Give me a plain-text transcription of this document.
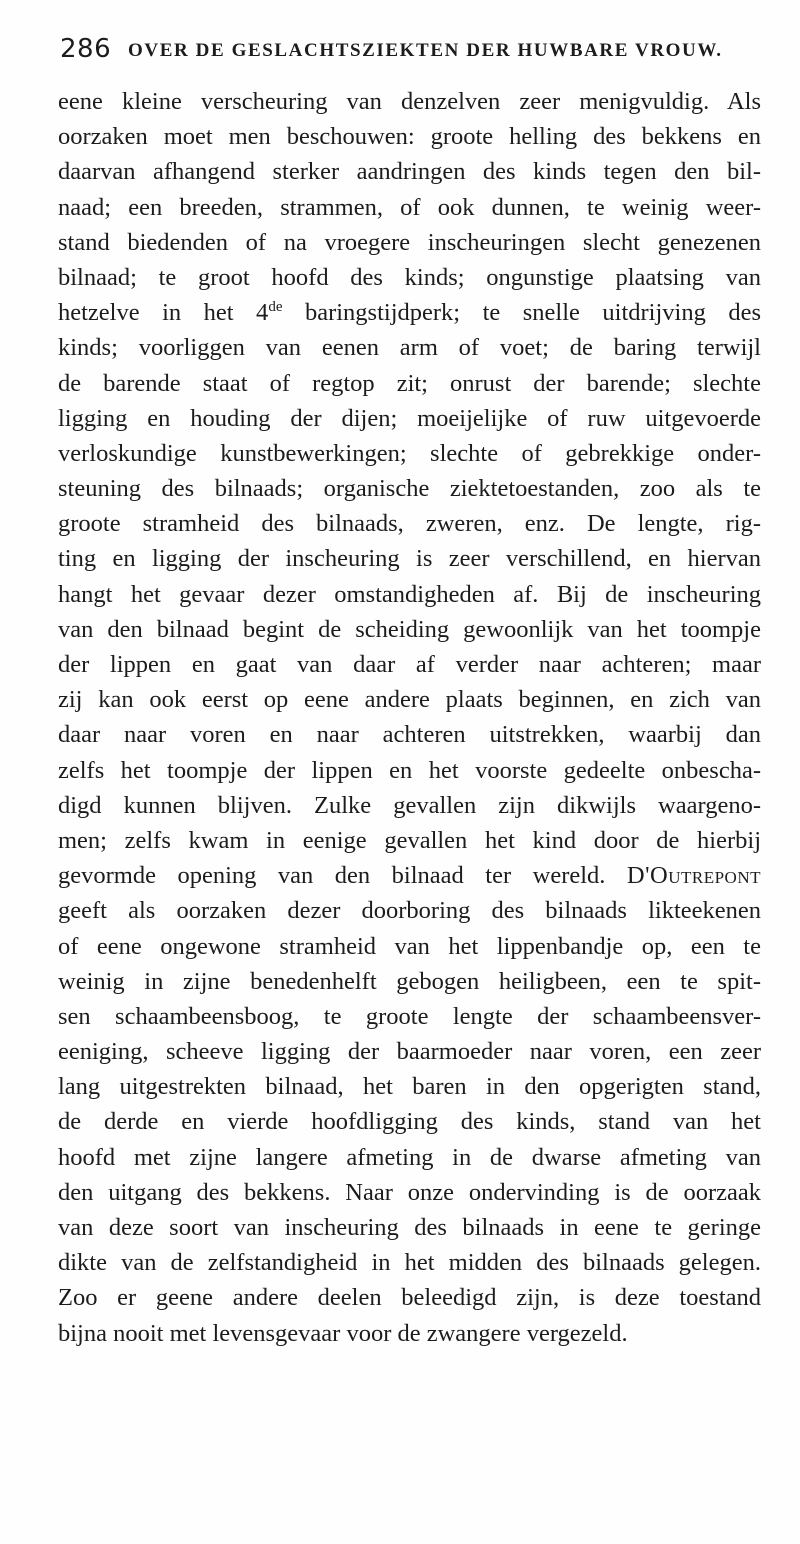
286 OVER DE GESLACHTSZIEKTEN DER HUWBARE VROUW.
eene kleine verscheuring van denzelven zeer menigvuldig. Als
oorzaken moet men beschouwen: groote helling des bekkens en
daarvan afhangend sterker aandringen des kinds tegen den bil-
naad; een breeden, strammen, of ook dunnen, te weinig weer-
stand biedenden of na vroegere inscheuringen slecht genezenen
bilnaad; te groot hoofd des kinds; ongunstige plaatsing van
hetzelve in het 4de baringstijdperk; te snelle uitdrijving des
kinds; voorliggen van eenen arm of voet; de baring terwijl
de barende staat of regtop zit; onrust der barende; slechte
ligging en houding der dijen; moeijelijke of ruw uitgevoerde
verloskundige kunstbewerkingen; slechte of gebrekkige onder-
steuning des bilnaads; organische ziektetoestanden, zoo als te
groote stramheid des bilnaads, zweren, enz. De lengte, rig-
ting en ligging der inscheuring is zeer verschillend, en hiervan
hangt het gevaar dezer omstandigheden af. Bij de inscheuring
van den bilnaad begint de scheiding gewoonlijk van het toompje
der lippen en gaat van daar af verder naar achteren; maar
zij kan ook eerst op eene andere plaats beginnen, en zich van
daar naar voren en naar achteren uitstrekken, waarbij dan
zelfs het toompje der lippen en het voorste gedeelte onbescha-
digd kunnen blijven. Zulke gevallen zijn dikwijls waargeno-
men; zelfs kwam in eenige gevallen het kind door de hierbij
gevormde opening van den bilnaad ter wereld. D'Outrepont
geeft als oorzaken dezer doorboring des bilnaads likteekenen
of eene ongewone stramheid van het lippenbandje op, een te
weinig in zijne benedenhelft gebogen heiligbeen, een te spit-
sen schaambeensboog, te groote lengte der schaambeensver-
eeniging, scheeve ligging der baarmoeder naar voren, een zeer
lang uitgestrekten bilnaad, het baren in den opgerigten stand,
de derde en vierde hoofdligging des kinds, stand van het
hoofd met zijne langere afmeting in de dwarse afmeting van
den uitgang des bekkens. Naar onze ondervinding is de oorzaak
van deze soort van inscheuring des bilnaads in eene te geringe
dikte van de zelfstandigheid in het midden des bilnaads gelegen.
Zoo er geene andere deelen beleedigd zijn, is deze toestand
bijna nooit met levensgevaar voor de zwangere vergezeld.
